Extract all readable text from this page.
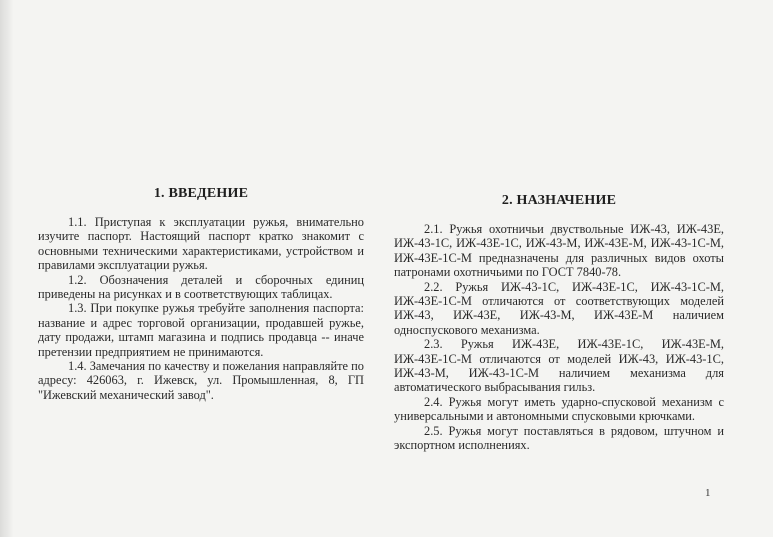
1. ВВЕДЕНИЕ

1.1. Приступая к эксплуатации ружья, внимательно изучите паспорт. Настоящий паспорт кратко знакомит с основными техническими характеристиками, устройством и правилами эксплуатации ружья.

1.2. Обозначения деталей и сборочных единиц приведены на рисунках и в соответствующих таблицах.

1.3. При покупке ружья требуйте заполнения паспорта: название и адрес торговой организации, продавшей ружье, дату продажи, штамп магазина и подпись продавца -- иначе претензии предприятием не принимаются.

1.4. Замечания по качеству и пожелания направляйте по адресу: 426063, г. Ижевск, ул. Промышленная, 8, ГП "Ижевский механический завод".

2. НАЗНАЧЕНИЕ

2.1. Ружья охотничьи двуствольные ИЖ-43, ИЖ-43Е, ИЖ-43-1С, ИЖ-43Е-1С, ИЖ-43-М, ИЖ-43Е-М, ИЖ-43-1С-М, ИЖ-43Е-1С-М предназначены для различных видов охоты патронами охотничьими по ГОСТ 7840-78.

2.2. Ружья ИЖ-43-1С, ИЖ-43Е-1С, ИЖ-43-1С-М, ИЖ-43Е-1С-М отличаются от соответствующих моделей ИЖ-43, ИЖ-43Е, ИЖ-43-М, ИЖ-43Е-М наличием односпускового механизма.

2.3. Ружья ИЖ-43Е, ИЖ-43Е-1С, ИЖ-43Е-М, ИЖ-43Е-1С-М отличаются от моделей ИЖ-43, ИЖ-43-1С, ИЖ-43-М, ИЖ-43-1С-М наличием механизма для автоматического выбрасывания гильз.

2.4. Ружья могут иметь ударно-спусковой механизм с универсальными и автономными спусковыми крючками.

2.5. Ружья могут поставляться в рядовом, штучном и экспортном исполнениях.

1
